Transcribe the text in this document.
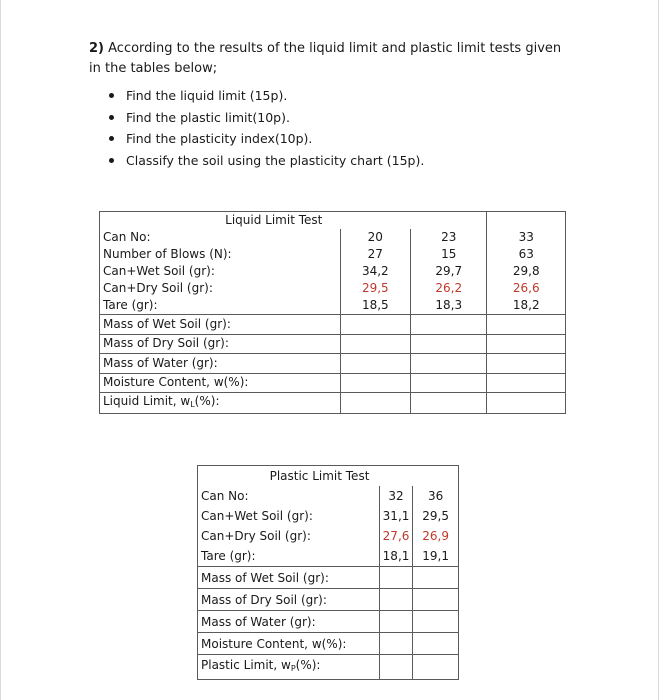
2) According to the results of the liquid limit and plastic limit tests given in the tables below;
Find the liquid limit (15p).
Find the plastic limit(10p).
Find the plasticity index(10p).
Classify the soil using the plasticity chart (15p).
Liquid Limit Test			
Can No:	20	23	33
Number of Blows (N):	27	15	63
Can+Wet Soil (gr):	34,2	29,7	29,8
Can+Dry Soil (gr):	29,5	26,2	26,6
Tare (gr):	18,5	18,3	18,2
Mass of Wet Soil (gr):			
Mass of Dry Soil (gr):			
Mass of Water (gr):			
Moisture Content, w(%):			
Liquid Limit, $w_L(\%)$:			
Plastic Limit Test		
Can No:	32	36
Can+Wet Soil (gr):	31,1	29,5
Can+Dry Soil (gr):	27,6	26,9
Tare (gr):	18,1	19,1
Mass of Wet Soil (gr):		
Mass of Dry Soil (gr):		
Mass of Water (gr):		
Moisture Content, w(%):		
Plastic Limit, $w_P(\%)$:		
